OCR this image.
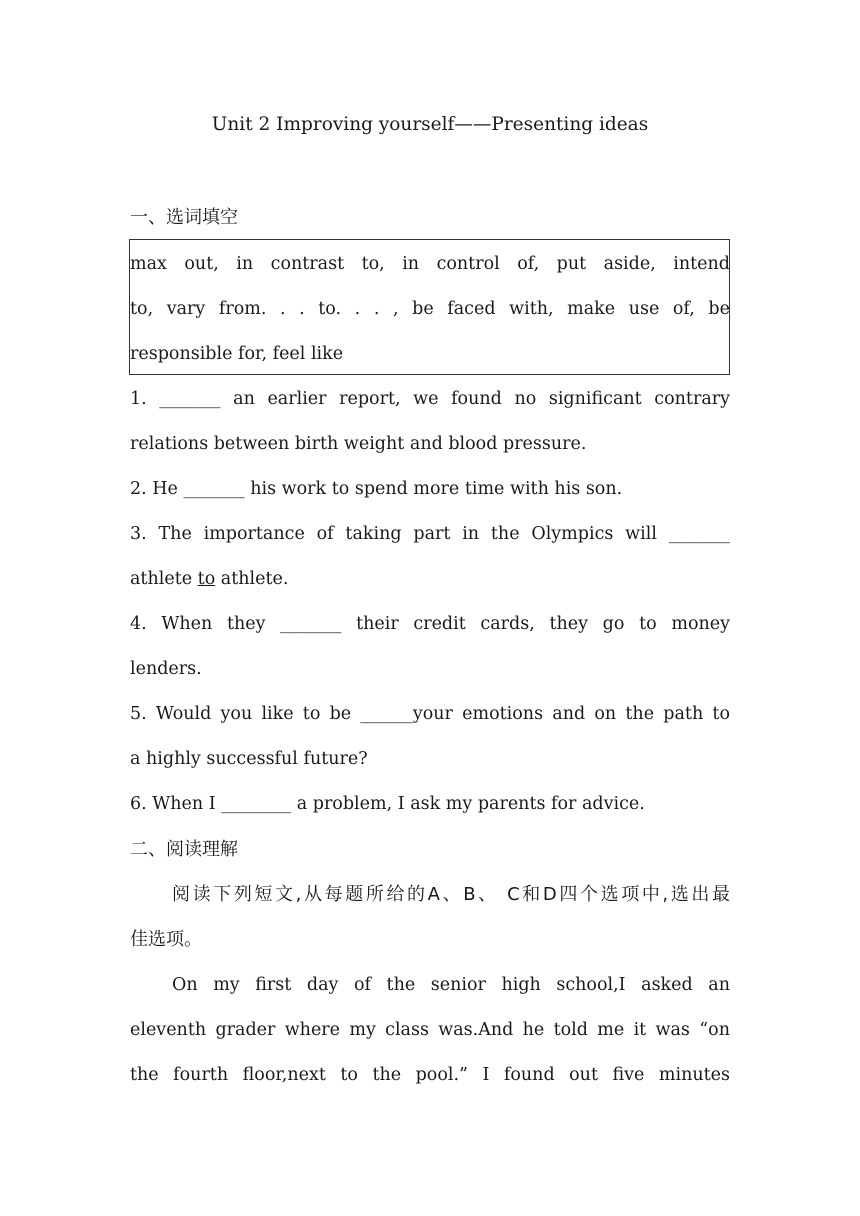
Unit 2 Improving yourself——Presenting ideas
一、选词填空
max out, in contrast to, in control of, put aside, intend
to, vary from. . . to. . . , be faced with, make use of, be
responsible for, feel like
1. _______ an earlier report, we found no significant contrary
relations between birth weight and blood pressure.
2. He _______ his work to spend more time with his son.
3. The importance of taking part in the Olympics will _______
athlete to athlete.
4. When they _______ their credit cards, they go to money
lenders.
5. Would you like to be ______your emotions and on the path to
a highly successful future?
6. When I ________ a problem, I ask my parents for advice.
二、阅读理解
阅读下列短文,从每题所给的A、B、 C和D四个选项中,选出最
佳选项。
On my first day of the senior high school,I asked an
eleventh grader where my class was.And he told me it was “on
the fourth floor,next to the pool.” I found out five minutes
